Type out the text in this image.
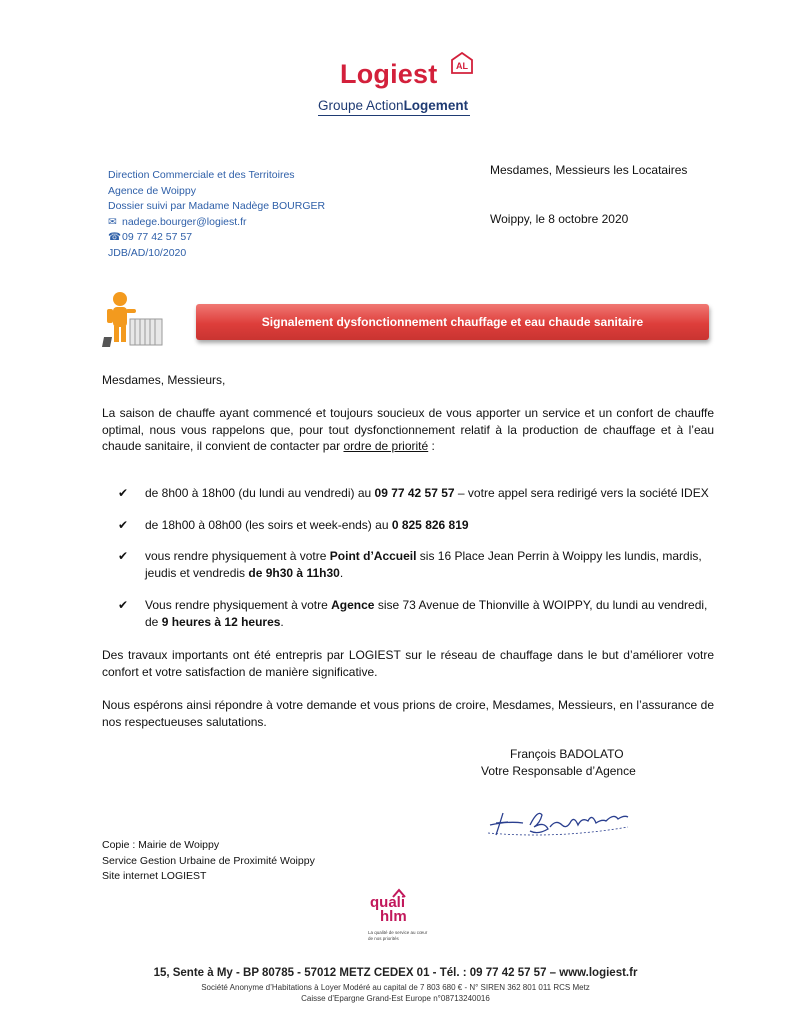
Logiest AL
Groupe ActionLogement
Direction Commerciale et des Territoires
Agence de Woippy
Dossier suivi par Madame Nadège BOURGER
✉ nadege.bourger@logiest.fr
☎09 77 42 57 57
JDB/AD/10/2020
Mesdames, Messieurs les Locataires
Woippy, le 8 octobre 2020
Signalement dysfonctionnement chauffage et eau chaude sanitaire
Mesdames, Messieurs,
La saison de chauffe ayant commencé et toujours soucieux de vous apporter un service et un confort de chauffe optimal, nous vous rappelons que, pour tout dysfonctionnement relatif à la production de chauffage et à l’eau chaude sanitaire, il convient de contacter par ordre de priorité :
✔ de 8h00 à 18h00 (du lundi au vendredi) au 09 77 42 57 57 – votre appel sera redirigé vers la société IDEX
✔ de 18h00 à 08h00 (les soirs et week-ends) au 0 825 826 819
✔ vous rendre physiquement à votre Point d’Accueil sis 16 Place Jean Perrin à Woippy les lundis, mardis, jeudis et vendredis de 9h30 à 11h30.
✔ Vous rendre physiquement à votre Agence sise 73 Avenue de Thionville à WOIPPY, du lundi au vendredi, de 9 heures à 12 heures.
Des travaux importants ont été entrepris par LOGIEST sur le réseau de chauffage dans le but d’améliorer votre confort et votre satisfaction de manière significative.
Nous espérons ainsi répondre à votre demande et vous prions de croire, Mesdames, Messieurs, en l’assurance de nos respectueuses salutations.
François BADOLATO
Votre Responsable d’Agence
Copie : Mairie de Woippy
Service Gestion Urbaine de Proximité Woippy
Site internet LOGIEST
quali
hlm
La qualité de service au cœur de nos priorités
15, Sente à My - BP 80785 - 57012 METZ CEDEX 01 - Tél. : 09 77 42 57 57 – www.logiest.fr
Société Anonyme d’Habitations à Loyer Modéré au capital de 7 803 680 € - N° SIREN 362 801 011 RCS Metz
Caisse d’Epargne Grand-Est Europe n°08713240016
